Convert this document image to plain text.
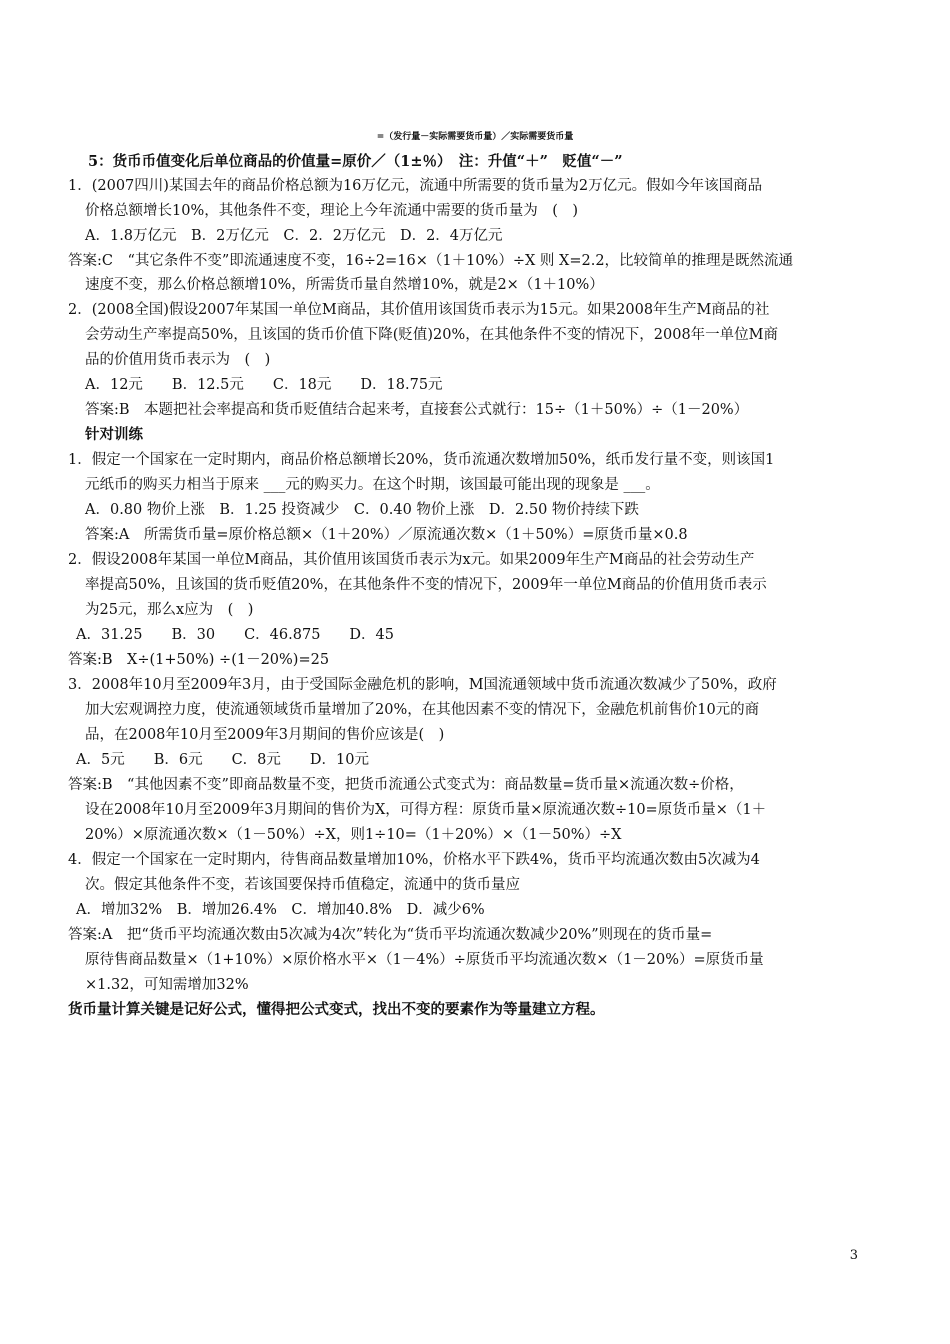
=（发行量－实际需要货币量）／实际需要货币量
5：货币币值变化后单位商品的价值量=原价／（1±％）　注：升值“＋”　贬值“－”
1．(2007四川)某国去年的商品价格总额为16万亿元，流通中所需要的货币量为2万亿元。假如今年该国商品
价格总额增长10%，其他条件不变，理论上今年流通中需要的货币量为　(　)
A．1.8万亿元　B．2万亿元　C．2．2万亿元　D．2．4万亿元
答案:C　“其它条件不变”即流通速度不变，16÷2=16×（1＋10%）÷X 则 X=2.2，比较简单的推理是既然流通
速度不变，那么价格总额增10%，所需货币量自然增10%，就是2×（1＋10%）
2．(2008全国)假设2007年某国一单位M商品，其价值用该国货币表示为15元。如果2008年生产M商品的社
会劳动生产率提高50%，且该国的货币价值下降(贬值)20%，在其他条件不变的情况下，2008年一单位M商
品的价值用货币表示为　(　)
A．12元　　B．12.5元　　C．18元　　D．18.75元
答案:B　本题把社会率提高和货币贬值结合起来考，直接套公式就行：15÷（1＋50%）÷（1－20%）
针对训练
1．假定一个国家在一定时期内，商品价格总额增长20%，货币流通次数增加50%，纸币发行量不变，则该国1
元纸币的购买力相当于原来 ___元的购买力。在这个时期，该国最可能出现的现象是 ___。
A．0.80 物价上涨　B．1.25 投资减少　C．0.40 物价上涨　D．2.50 物价持续下跌
答案:A　所需货币量=原价格总额×（1＋20%）／原流通次数×（1＋50%）=原货币量×0.8
2．假设2008年某国一单位M商品，其价值用该国货币表示为x元。如果2009年生产M商品的社会劳动生产
率提高50%，且该国的货币贬值20%，在其他条件不变的情况下，2009年一单位M商品的价值用货币表示
为25元，那么x应为　(　)
A．31.25　　B．30　　C．46.875　　D．45
答案:B　X÷(1+50%) ÷(1－20%)=25
3．2008年10月至2009年3月，由于受国际金融危机的影响，M国流通领域中货币流通次数减少了50%，政府
加大宏观调控力度，使流通领域货币量增加了20%，在其他因素不变的情况下，金融危机前售价10元的商
品，在2008年10月至2009年3月期间的售价应该是(　)
A．5元　　B．6元　　C．8元　　D．10元
答案:B　“其他因素不变”即商品数量不变，把货币流通公式变式为：商品数量=货币量×流通次数÷价格，
设在2008年10月至2009年3月期间的售价为X，可得方程：原货币量×原流通次数÷10=原货币量×（1＋
20%）×原流通次数×（1－50%）÷X，则1÷10=（1＋20%）×（1－50%）÷X
4．假定一个国家在一定时期内，待售商品数量增加10%，价格水平下跌4%，货币平均流通次数由5次减为4
次。假定其他条件不变，若该国要保持币值稳定，流通中的货币量应
A．增加32%　B．增加26.4%　C．增加40.8%　D．减少6%
答案:A　把“货币平均流通次数由5次减为4次”转化为“货币平均流通次数减少20%”则现在的货币量=
原待售商品数量×（1+10%）×原价格水平×（1－4%）÷原货币平均流通次数×（1－20%）=原货币量
×1.32，可知需增加32%
货币量计算关键是记好公式，懂得把公式变式，找出不变的要素作为等量建立方程。
3
